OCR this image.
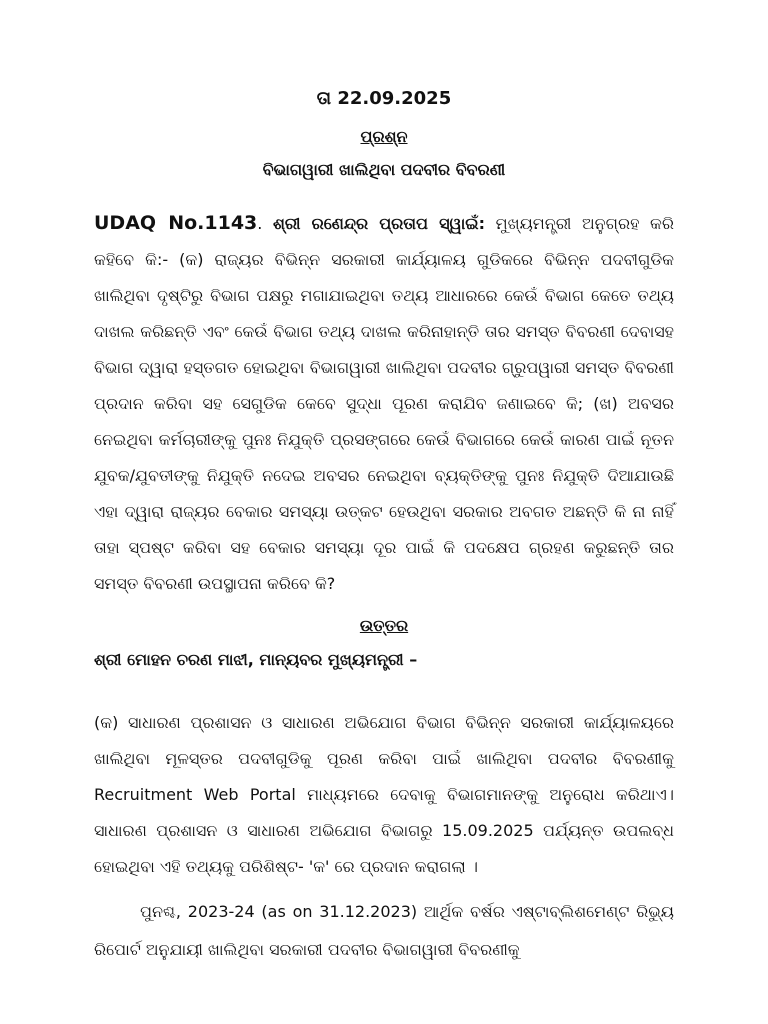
ତା 22.09.2025
ପ୍ରଶ୍ନ
ବିଭାଗୱାରୀ ଖାଲିଥିବା ପଦବୀର ବିବରଣୀ

UDAQ No.1143. ଶ୍ରୀ ରଣେନ୍ଦ୍ର ପ୍ରତାପ ସ୍ୱାଇଁ: ମୁଖ୍ୟମନ୍ତ୍ରୀ ଅନୁଗ୍ରହ କରି କହିବେ କି:- (କ) ରାଜ୍ୟର ବିଭିନ୍ନ ସରକାରୀ କାର୍ଯ୍ୟାଳୟ ଗୁଡିକରେ ବିଭିନ୍ନ ପଦବୀଗୁଡିକ ଖାଲିଥିବା ଦୃଷ୍ଟିରୁ ବିଭାଗ ପକ୍ଷରୁ ମଗାଯାଇଥିବା ତଥ୍ୟ ଆଧାରରେ କେଉଁ ବିଭାଗ କେତେ ତଥ୍ୟ ଦାଖଲ କରିଛନ୍ତି ଏବଂ କେଉଁ ବିଭାଗ ତଥ୍ୟ ଦାଖଲ କରିନାହାନ୍ତି ତାର ସମସ୍ତ ବିବରଣୀ ଦେବାସହ ବିଭାଗ ଦ୍ୱାରା ହସ୍ତଗତ ହୋଇଥିବା ବିଭାଗୱାରୀ ଖାଲିଥିବା ପଦବୀର ଗ୍ରୁପୱାରୀ ସମସ୍ତ ବିବରଣୀ ପ୍ରଦାନ କରିବା ସହ ସେଗୁଡିକ କେବେ ସୁଦ୍ଧା ପୂରଣ କରାଯିବ ଜଣାଇବେ କି; (ଖ) ଅବସର ନେଇଥିବା କର୍ମଚାରୀଙ୍କୁ ପୁନଃ ନିଯୁକ୍ତି ପ୍ରସଙ୍ଗରେ କେଉଁ ବିଭାଗରେ କେଉଁ କାରଣ ପାଇଁ ନୂତନ ଯୁବକ/ଯୁବତୀଙ୍କୁ ନିଯୁକ୍ତି ନଦେଇ ଅବସର ନେଇଥିବା ବ୍ୟକ୍ତିଙ୍କୁ ପୁନଃ ନିଯୁକ୍ତି ଦିଆଯାଉଛି ଏହା ଦ୍ୱାରା ରାଜ୍ୟର ବେକାର ସମସ୍ୟା ଉତ୍କଟ ହେଉଥିବା ସରକାର ଅବଗତ ଅଛନ୍ତି କି ନା ନାହିଁ ତାହା ସ୍ପଷ୍ଟ କରିବା ସହ ବେକାର ସମସ୍ୟା ଦୂର ପାଇଁ କି ପଦକ୍ଷେପ ଗ୍ରହଣ କରୁଛନ୍ତି ତାର ସମସ୍ତ ବିବରଣୀ ଉପସ୍ଥାପନା କରିବେ କି?

ଉତ୍ତର
ଶ୍ରୀ ମୋହନ ଚରଣ ମାଝୀ, ମାନ୍ୟବର ମୁଖ୍ୟମନ୍ତ୍ରୀ –

(କ) ସାଧାରଣ ପ୍ରଶାସନ ଓ ସାଧାରଣ ଅଭିଯୋଗ ବିଭାଗ ବିଭିନ୍ନ ସରକାରୀ କାର୍ଯ୍ୟାଳୟରେ ଖାଲିଥିବା ମୂଳସ୍ତର ପଦବୀଗୁଡିକୁ ପୂରଣ କରିବା ପାଇଁ ଖାଲିଥିବା ପଦବୀର ବିବରଣୀକୁ Recruitment Web Portal ମାଧ୍ୟମରେ ଦେବାକୁ ବିଭାଗମାନଙ୍କୁ ଅନୁରୋଧ କରିଥାଏ। ସାଧାରଣ ପ୍ରଶାସନ ଓ ସାଧାରଣ ଅଭିଯୋଗ ବିଭାଗରୁ 15.09.2025 ପର୍ଯ୍ୟନ୍ତ ଉପଲବ୍ଧ ହୋଇଥିବା ଏହି ତଥ୍ୟକୁ ପରିଶିଷ୍ଟ- 'କ' ରେ ପ୍ରଦାନ କରାଗଲା ।

ପୁନଶ୍ଚ, 2023-24 (as on 31.12.2023) ଆର୍ଥିକ ବର୍ଷର ଏଷ୍ଟାବ୍ଲିଶମେଣ୍ଟ ରିଭ୍ୟୁ ରିପୋର୍ଟ ଅନୁଯାୟୀ ଖାଲିଥିବା ସରକାରୀ ପଦବୀର ବିଭାଗୱାରୀ ବିବରଣୀକୁ
